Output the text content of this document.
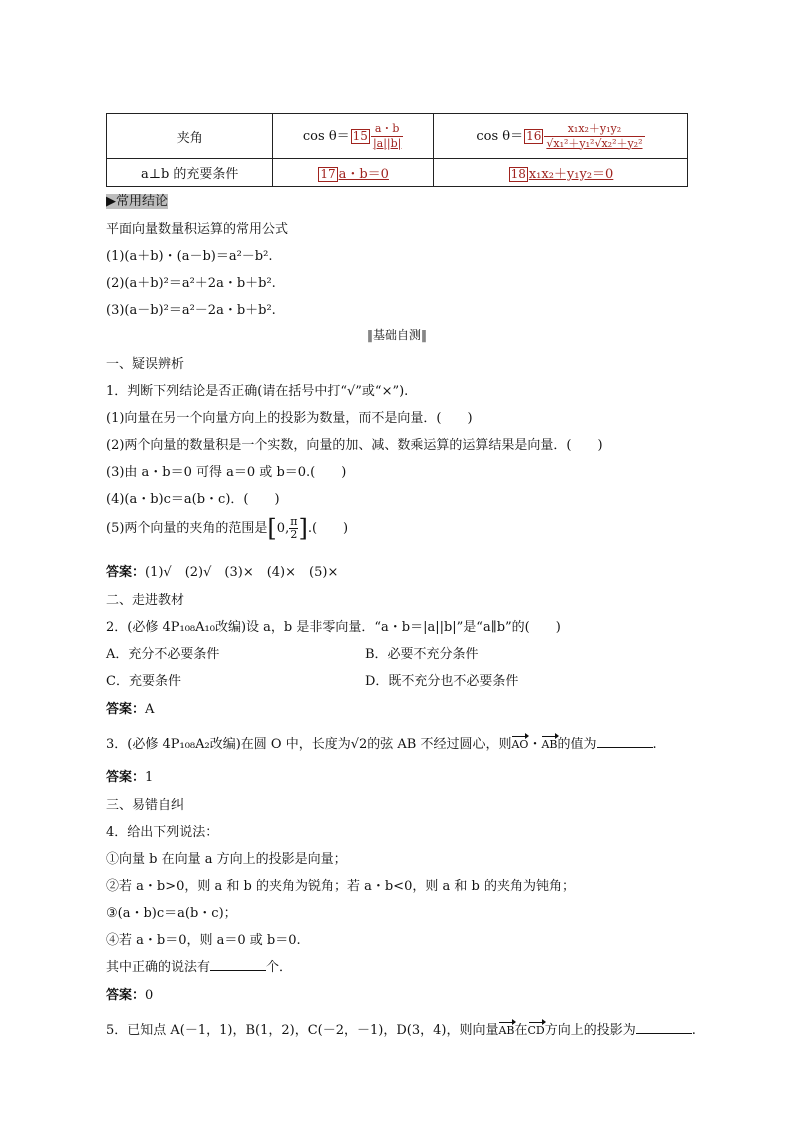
夹角	$\cos \theta= 15 \frac{a・b}{|a||b|}$	$\cos \theta= 16 \frac{\text{x₁x₂＋y₁y₂}}{\text{√x₁²＋y₁²√x₂²＋y₂²}}$

a⊥b 的充要条件	17 a・b＝0	18 x₁x₂＋y₁y₂＝0
▶常用结论
平面向量数量积运算的常用公式
(1)(a＋b)・(a－b)＝a²－b².
(2)(a＋b)²＝a²＋2a・b＋b².
(3)(a－b)²＝a²－2a・b＋b².
‖基础自测‖
一、疑误辨析
1．判断下列结论是否正确(请在括号中打“√”或“×”).
(1)向量在另一个向量方向上的投影为数量，而不是向量．(　　)
(2)两个向量的数量积是一个实数，向量的加、减、数乘运算的运算结果是向量．(　　)
(3)由 a・b＝0 可得 a＝0 或 b＝0.(　　)
(4)(a・b)c＝a(b・c)．(　　)
(5)两个向量的夹角的范围是[0, $\frac{\pi}{2}$ ].(　　)
答案：(1)√　(2)√　(3)×　(4)×　(5)×
二、走进教材
2．(必修 4P₁₀₈A₁₀改编)设 a，b 是非零向量．“a・b＝|a||b|”是“a∥b”的(　　)
A．充分不必要条件	B．必要不充分条件
C．充要条件	D．既不充分也不必要条件
答案：A
3．(必修 4P₁₀₈A₂改编)在圆 O 中，长度为√2的弦 AB 不经过圆心，则AO・AB的值为	.
答案：1
三、易错自纠
4．给出下列说法：
①向量 b 在向量 a 方向上的投影是向量；
②若 a・b>0，则 a 和 b 的夹角为锐角；若 a・b<0，则 a 和 b 的夹角为钝角；
③(a・b)c＝a(b・c)；
④若 a・b＝0，则 a＝0 或 b＝0.
其中正确的说法有	个．
答案：0
5．已知点 A(－1，1)，B(1，2)，C(－2，－1)，D(3，4)，则向量AB在CD方向上的投影为	.
